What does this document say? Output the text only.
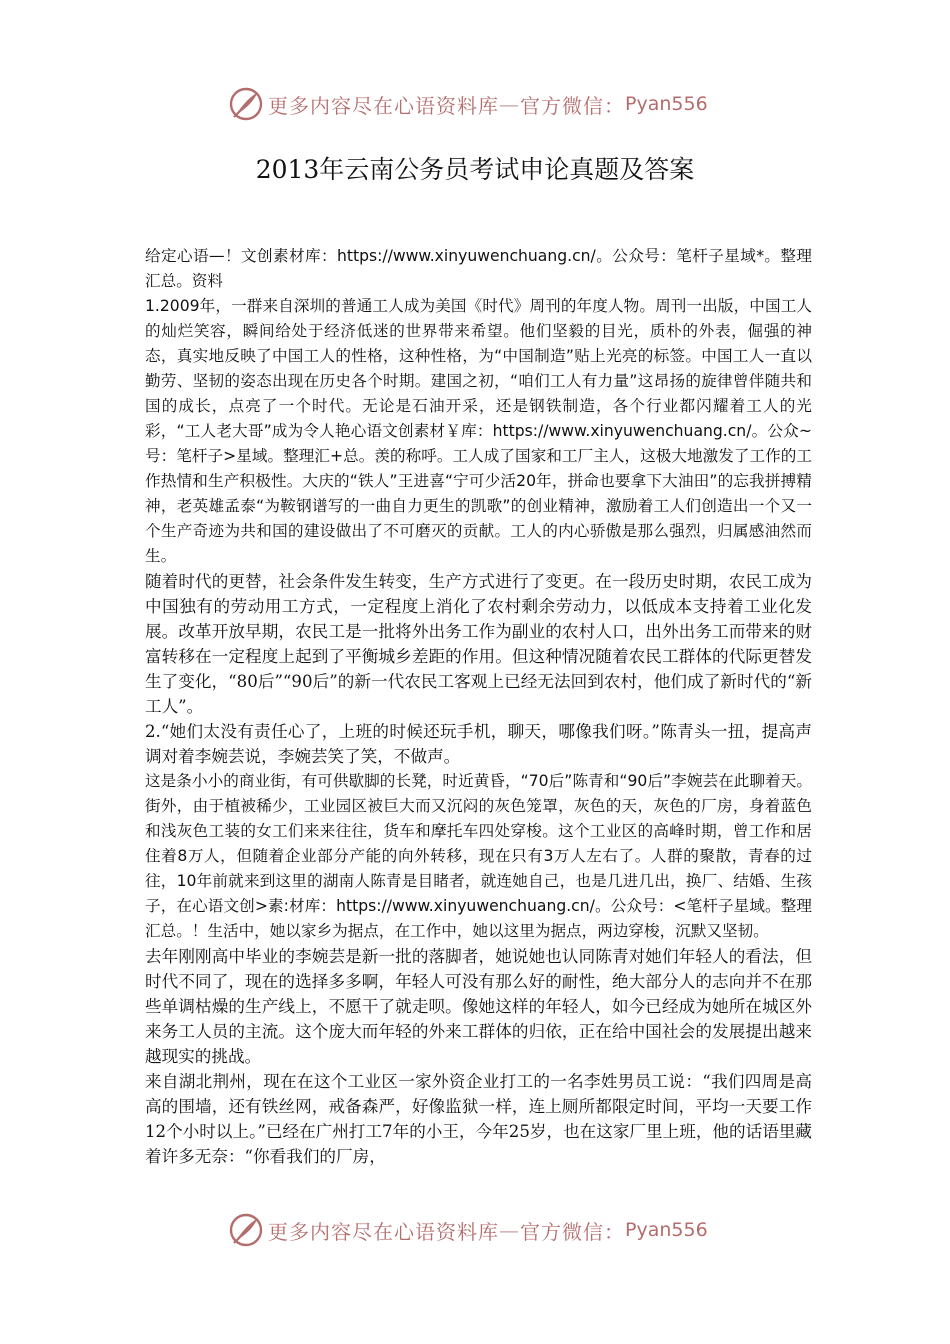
更多内容尽在心语资料库 — 官方微信： Pyan556
2013年云南公务员考试申论真题及答案

给定心语—！文创素材库：https://www.xinyuwenchuang.cn/。公众号：笔杆子星域*。整理汇总。资料

1.2009年，一群来自深圳的普通工人成为美国《时代》周刊的年度人物。周刊一出版，中国工人的灿烂笑容，瞬间给处于经济低迷的世界带来希望。他们坚毅的目光，质朴的外表，倔强的神态，真实地反映了中国工人的性格，这种性格，为“中国制造”贴上光亮的标签。中国工人一直以勤劳、坚韧的姿态出现在历史各个时期。建国之初，“咱们工人有力量”这昂扬的旋律曾伴随共和国的成长，点亮了一个时代。无论是石油开采，还是钢铁制造，各个行业都闪耀着工人的光彩，“工人老大哥”成为令人艳心语文创素材￥库：https://www.xinyuwenchuang.cn/。公众~号：笔杆子>星域。整理汇+总。羡的称呼。工人成了国家和工厂主人，这极大地激发了工作的工作热情和生产积极性。大庆的“铁人”王进喜“宁可少活20年，拼命也要拿下大油田”的忘我拼搏精神，老英雄孟泰“为鞍钢谱写的一曲自力更生的凯歌”的创业精神，激励着工人们创造出一个又一个生产奇迹为共和国的建设做出了不可磨灭的贡献。工人的内心骄傲是那么强烈，归属感油然而生。

随着时代的更替，社会条件发生转变，生产方式进行了变更。在一段历史时期，农民工成为中国独有的劳动用工方式，一定程度上消化了农村剩余劳动力，以低成本支持着工业化发展。改革开放早期，农民工是一批将外出务工作为副业的农村人口，出外出务工而带来的财富转移在一定程度上起到了平衡城乡差距的作用。但这种情况随着农民工群体的代际更替发生了变化，“80后”“90后”的新一代农民工客观上已经无法回到农村，他们成了新时代的“新工人”。

2.“她们太没有责任心了，上班的时候还玩手机，聊天，哪像我们呀。”陈青头一扭，提高声调对着李婉芸说，李婉芸笑了笑，不做声。

这是条小小的商业街，有可供歇脚的长凳，时近黄昏，“70后”陈青和“90后”李婉芸在此聊着天。街外，由于植被稀少，工业园区被巨大而又沉闷的灰色笼罩，灰色的天，灰色的厂房，身着蓝色和浅灰色工装的女工们来来往往，货车和摩托车四处穿梭。这个工业区的高峰时期，曾工作和居住着8万人，但随着企业部分产能的向外转移，现在只有3万人左右了。人群的聚散，青春的过往，10年前就来到这里的湖南人陈青是目睹者，就连她自己，也是几进几出，换厂、结婚、生孩子，在心语文创>素:材库：https://www.xinyuwenchuang.cn/。公众号：<笔杆子星域。整理汇总。！生活中，她以家乡为据点，在工作中，她以这里为据点，两边穿梭，沉默又坚韧。

去年刚刚高中毕业的李婉芸是新一批的落脚者，她说她也认同陈青对她们年轻人的看法，但时代不同了，现在的选择多多啊，年轻人可没有那么好的耐性，绝大部分人的志向并不在那些单调枯燥的生产线上，不愿干了就走呗。像她这样的年轻人，如今已经成为她所在城区外来务工人员的主流。这个庞大而年轻的外来工群体的归依，正在给中国社会的发展提出越来越现实的挑战。

来自湖北荆州，现在在这个工业区一家外资企业打工的一名李姓男员工说：“我们四周是高高的围墙，还有铁丝网，戒备森严，好像监狱一样，连上厕所都限定时间，平均一天要工作12个小时以上。”已经在广州打工7年的小王，今年25岁，也在这家厂里上班，他的话语里藏着许多无奈：“你看我们的厂房，

更多内容尽在心语资料库 — 官方微信： Pyan556
